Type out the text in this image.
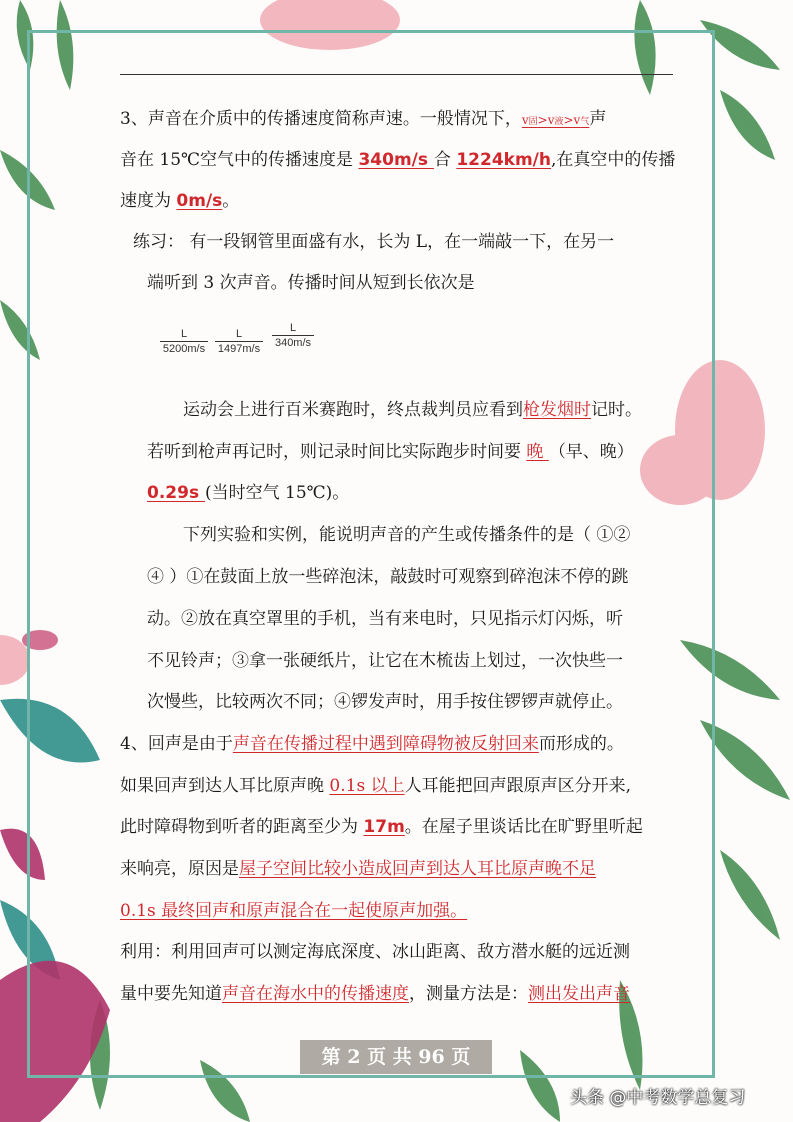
3、声音在介质中的传播速度简称声速。一般情况下，v固>v液>v气声
音在 15℃空气中的传播速度是 340m/s 合 1224km/h,在真空中的传播
速度为 0m/s。
练习： 有一段钢管里面盛有水，长为 L，在一端敲一下，在另一
端听到 3 次声音。传播时间从短到长依次是
$\frac{L}{5200m/s} \frac{L}{1497m/s} \frac{L}{340m/s}$
运动会上进行百米赛跑时，终点裁判员应看到枪发烟时记时。
若听到枪声再记时，则记录时间比实际跑步时间要 晚 （早、晚）
0.29s (当时空气 15℃)。
下列实验和实例，能说明声音的产生或传播条件的是（ ①②
④ ）①在鼓面上放一些碎泡沫，敲鼓时可观察到碎泡沫不停的跳
动。②放在真空罩里的手机，当有来电时，只见指示灯闪烁，听
不见铃声；③拿一张硬纸片，让它在木梳齿上划过，一次快些一
次慢些，比较两次不同；④锣发声时，用手按住锣锣声就停止。
4、回声是由于声音在传播过程中遇到障碍物被反射回来而形成的。
如果回声到达人耳比原声晚 0.1s 以上人耳能把回声跟原声区分开来,
此时障碍物到听者的距离至少为 17m。在屋子里谈话比在旷野里听起
来响亮，原因是屋子空间比较小造成回声到达人耳比原声晚不足
0.1s 最终回声和原声混合在一起使原声加强。
利用：利用回声可以测定海底深度、冰山距离、敌方潜水艇的远近测
量中要先知道声音在海水中的传播速度，测量方法是：测出发出声音
第 2 页 共 96 页
头条 @中考数学总复习
